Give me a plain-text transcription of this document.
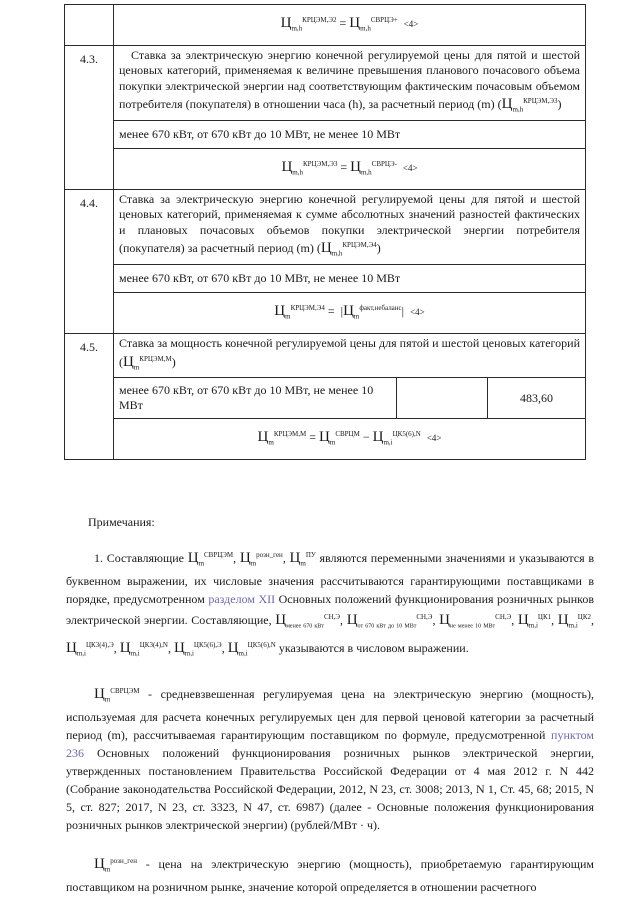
	$Ц_{m,h}^{КРЦЭМ,Э2} = Ц_{m,h}^{СВРЦЭ+} <4>$
4.3.	Ставка за электрическую энергию конечной регулируемой цены для пятой и шестой ценовых категорий, применяемая к величине превышения планового почасового объема покупки электрической энергии над соответствующим фактическим почасовым объемом потребителя (покупателя) в отношении часа (h), за расчетный период (m) $(Ц_{m,h}^{КРЦЭМ,Э3})$
менее 670 кВт, от 670 кВт до 10 МВт, не менее 10 МВт
$Ц_{m,h}^{КРЦЭМ,Э3} = Ц_{m,h}^{СВРЦЭ-} <4>$
4.4.	Ставка за электрическую энергию конечной регулируемой цены для пятой и шестой ценовых категорий, применяемая к сумме абсолютных значений разностей фактических и плановых почасовых объемов покупки электрической энергии потребителя (покупателя) за расчетный период (m) $(Ц_{m,h}^{КРЦЭМ,Э4})$
менее 670 кВт, от 670 кВт до 10 МВт, не менее 10 МВт
$Ц_m^{КРЦЭМ,Э4} = |Ц_m^{факт,небаланс}| <4>$
4.5.	Ставка за мощность конечной регулируемой цены для пятой и шестой ценовых категорий $(Ц_m^{КРЦЭМ,М})$

менее 670 кВт, от 670 кВт до 10 МВт, не менее 10 МВт		483,60

$Ц_m^{КРЦЭМ,М} = Ц_m^{СВРЦМ} - Ц_{m,i}^{ЦК5(6),N} <4>$
Примечания:
1. Составляющие $Ц_m^{СВРЦЭМ}$, $Ц_m^{розн\_ген}$, $Ц_m^{ПУ}$ являются переменными значениями и указываются в буквенном выражении, их числовые значения рассчитываются гарантирующими поставщиками в порядке, предусмотренном разделом XII Основных положений функционирования розничных рынков электрической энергии. Составляющие, $Ц_{менее 670 кВт}^{СН,Э}$, $Ц_{от 670 кВт до 10 МВт}^{СН,Э}$, $Ц_{не менее 10 МВт}^{СН,Э}$, $Ц_{m,i}^{ЦК1}$, $Ц_{m,i}^{ЦК2}$, $Ц_{m,i}^{ЦК3(4),Э}$, $Ц_{m,i}^{ЦК3(4),N}$, $Ц_{m,i}^{ЦК5(6),Э}$, $Ц_{m,i}^{ЦК5(6),N}$ указываются в числовом выражении.
$Ц_m^{СВРЦЭМ}$ - средневзвешенная регулируемая цена на электрическую энергию (мощность), используемая для расчета конечных регулируемых цен для первой ценовой категории за расчетный период (m), рассчитываемая гарантирующим поставщиком по формуле, предусмотренной пунктом 236 Основных положений функционирования розничных рынков электрической энергии, утвержденных постановлением Правительства Российской Федерации от 4 мая 2012 г. N 442 (Собрание законодательства Российской Федерации, 2012, N 23, ст. 3008; 2013, N 1, Ст. 45, 68; 2015, N 5, ст. 827; 2017, N 23, ст. 3323, N 47, ст. 6987) (далее - Основные положения функционирования розничных рынков электрической энергии) (рублей/МВт · ч).
$Ц_m^{розн\_ген}$ - цена на электрическую энергию (мощность), приобретаемую гарантирующим поставщиком на розничном рынке, значение которой определяется в отношении расчетного
